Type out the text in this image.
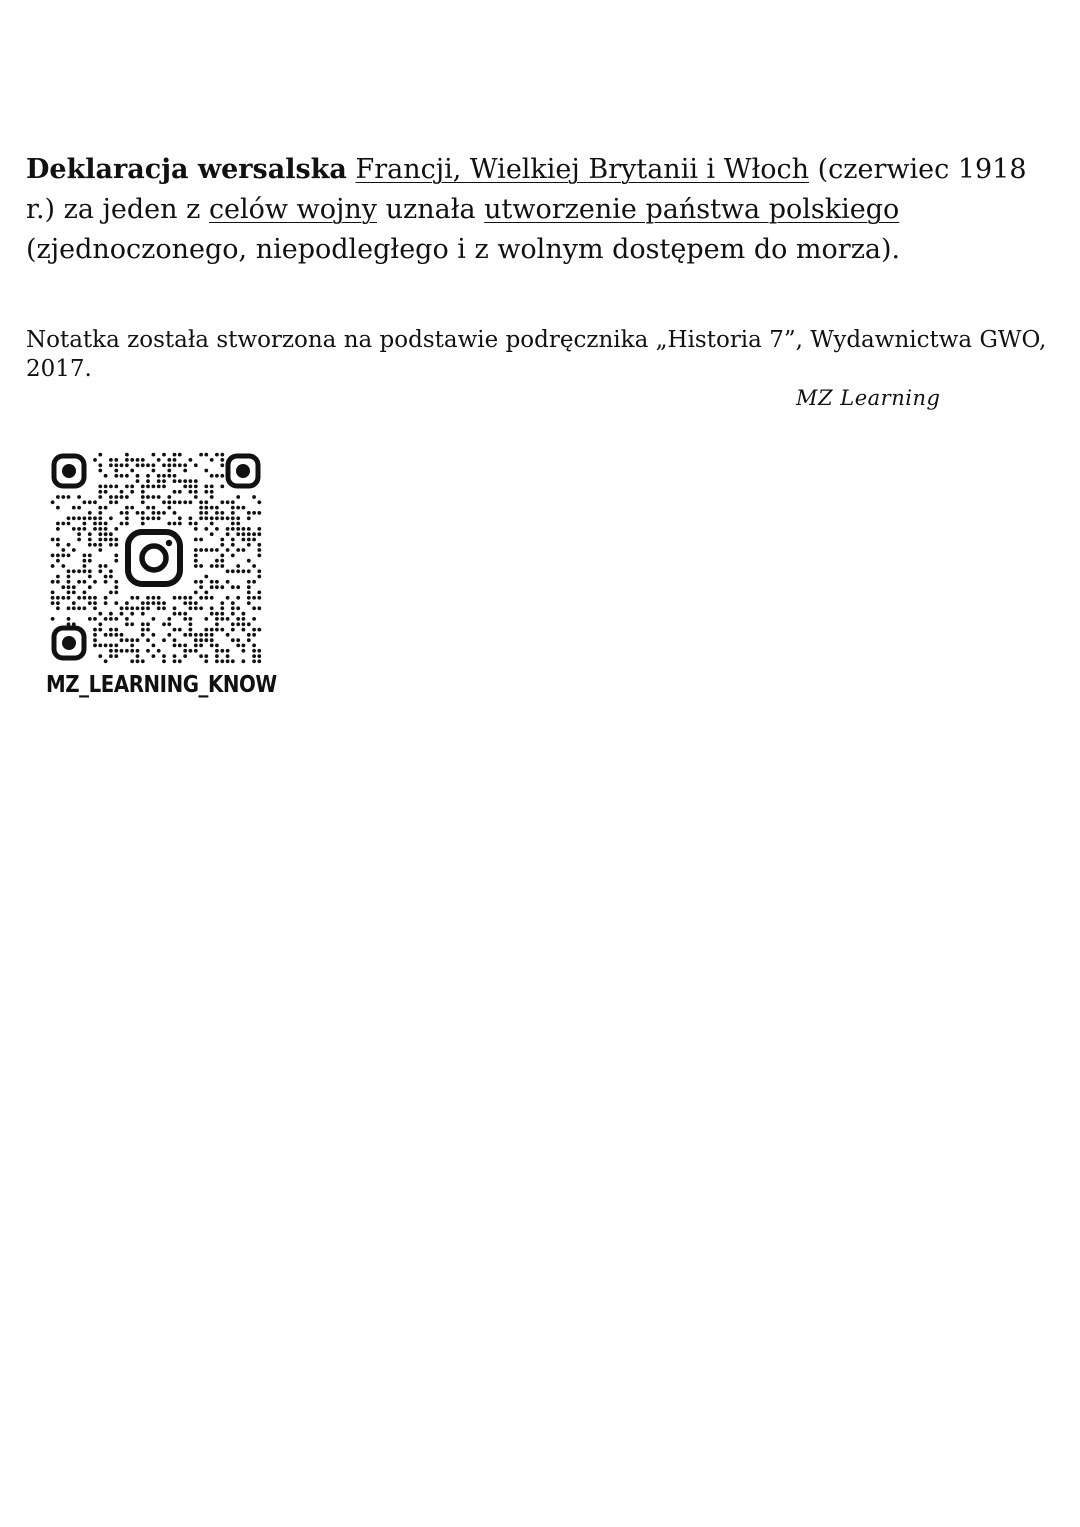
Deklaracja wersalska Francji, Wielkiej Brytanii i Włoch (czerwiec 1918 r.) za jeden z celów wojny uznała utworzenie państwa polskiego (zjednoczonego, niepodległego i z wolnym dostępem do morza).

Notatka została stworzona na podstawie podręcznika „Historia 7”, Wydawnictwa GWO, 2017.

MZ Learning
MZ_LEARNING_KNOW
